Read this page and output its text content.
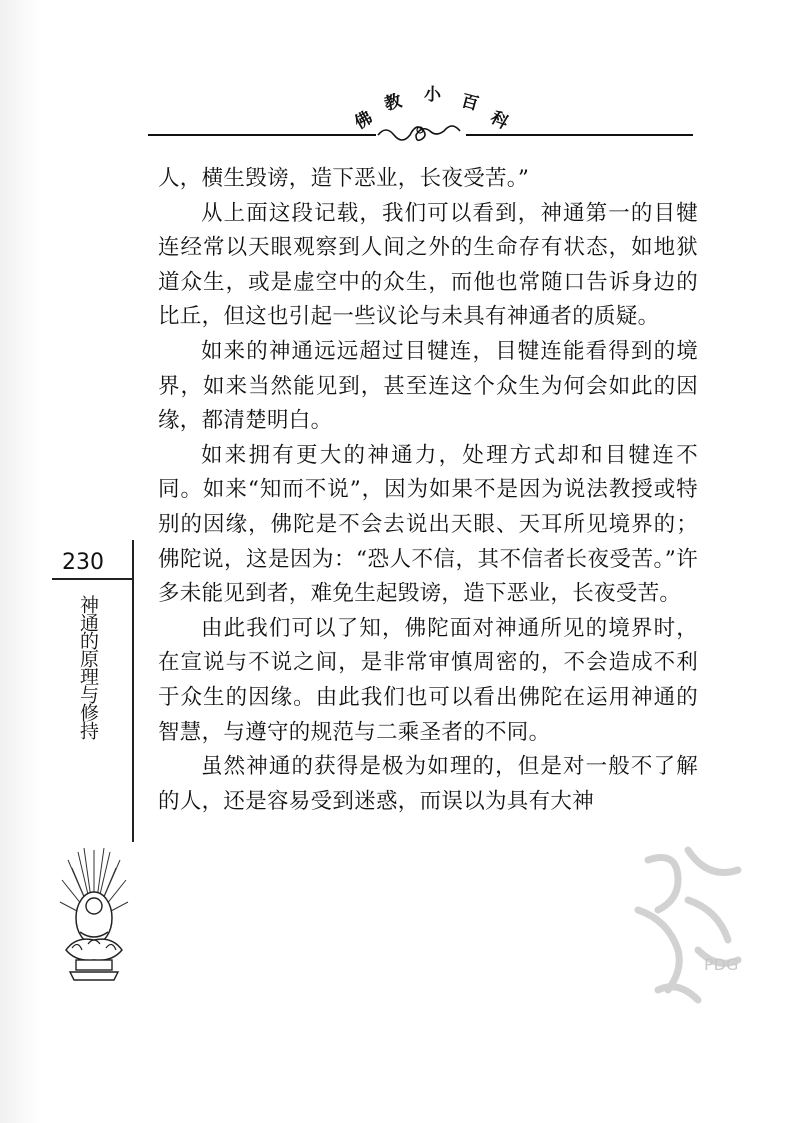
佛
教 小 百
科

人，横生毁谤，造下恶业，长夜受苦。”

从上面这段记载，我们可以看到，神通第一的目犍连经常以天眼观察到人间之外的生命存有状态，如地狱道众生，或是虚空中的众生，而他也常随口告诉身边的比丘，但这也引起一些议论与未具有神通者的质疑。

如来的神通远远超过目犍连，目犍连能看得到的境界，如来当然能见到，甚至连这个众生为何会如此的因缘，都清楚明白。

如来拥有更大的神通力，处理方式却和目犍连不同。如来“知而不说”，因为如果不是因为说法教授或特别的因缘，佛陀是不会去说出天眼、天耳所见境界的；佛陀说，这是因为：“恐人不信，其不信者长夜受苦。”许多未能见到者，难免生起毁谤，造下恶业，长夜受苦。

由此我们可以了知，佛陀面对神通所见的境界时，在宣说与不说之间，是非常审慎周密的，不会造成不利于众生的因缘。由此我们也可以看出佛陀在运用神通的智慧，与遵守的规范与二乘圣者的不同。

虽然神通的获得是极为如理的，但是对一般不了解的人，还是容易受到迷惑，而误以为具有大神

230
神通的原理与修持
PDG
